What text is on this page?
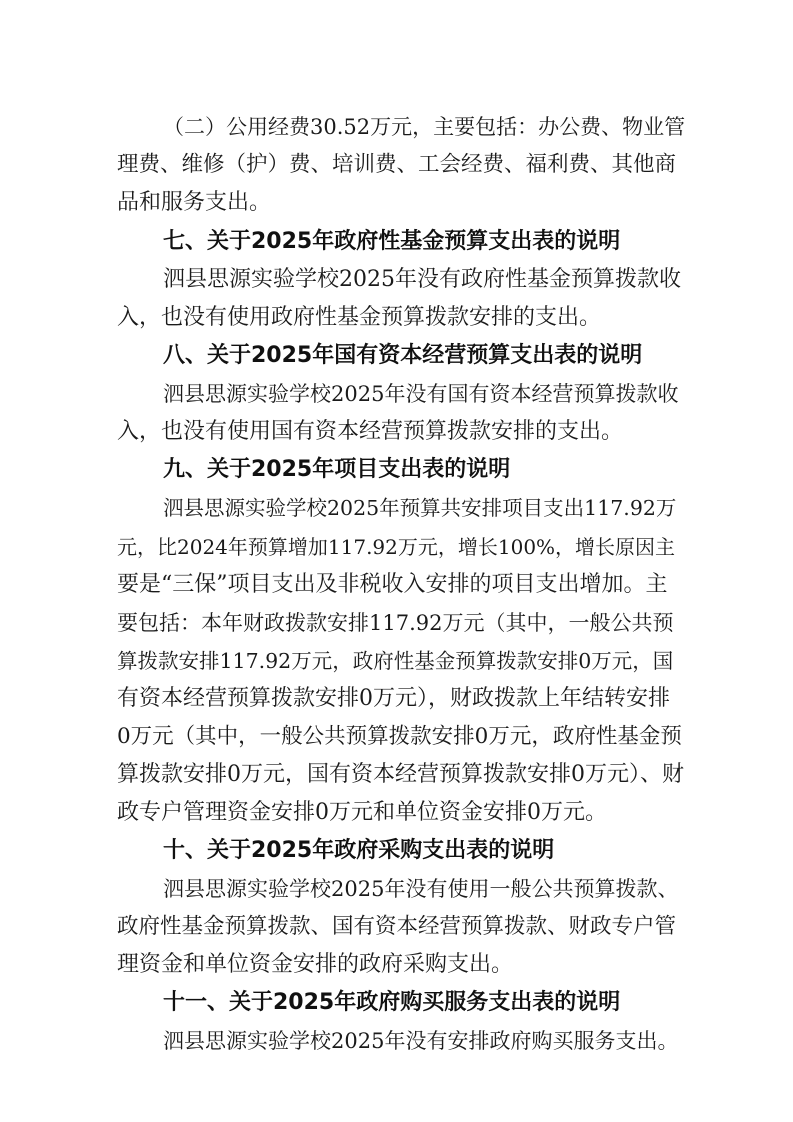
（二）公用经费30.52万元，主要包括：办公费、物业管
理费、维修（护）费、培训费、工会经费、福利费、其他商
品和服务支出。
七、关于2025年政府性基金预算支出表的说明
泗县思源实验学校2025年没有政府性基金预算拨款收
入，也没有使用政府性基金预算拨款安排的支出。
八、关于2025年国有资本经营预算支出表的说明
泗县思源实验学校2025年没有国有资本经营预算拨款收
入，也没有使用国有资本经营预算拨款安排的支出。
九、关于2025年项目支出表的说明
泗县思源实验学校2025年预算共安排项目支出117.92万
元，比2024年预算增加117.92万元，增长100%，增长原因主
要是“三保”项目支出及非税收入安排的项目支出增加。主
要包括：本年财政拨款安排117.92万元（其中，一般公共预
算拨款安排117.92万元，政府性基金预算拨款安排0万元，国
有资本经营预算拨款安排0万元），财政拨款上年结转安排
0万元（其中，一般公共预算拨款安排0万元，政府性基金预
算拨款安排0万元，国有资本经营预算拨款安排0万元）、财
政专户管理资金安排0万元和单位资金安排0万元。
十、关于2025年政府采购支出表的说明
泗县思源实验学校2025年没有使用一般公共预算拨款、
政府性基金预算拨款、国有资本经营预算拨款、财政专户管
理资金和单位资金安排的政府采购支出。
十一、关于2025年政府购买服务支出表的说明
泗县思源实验学校2025年没有安排政府购买服务支出。
